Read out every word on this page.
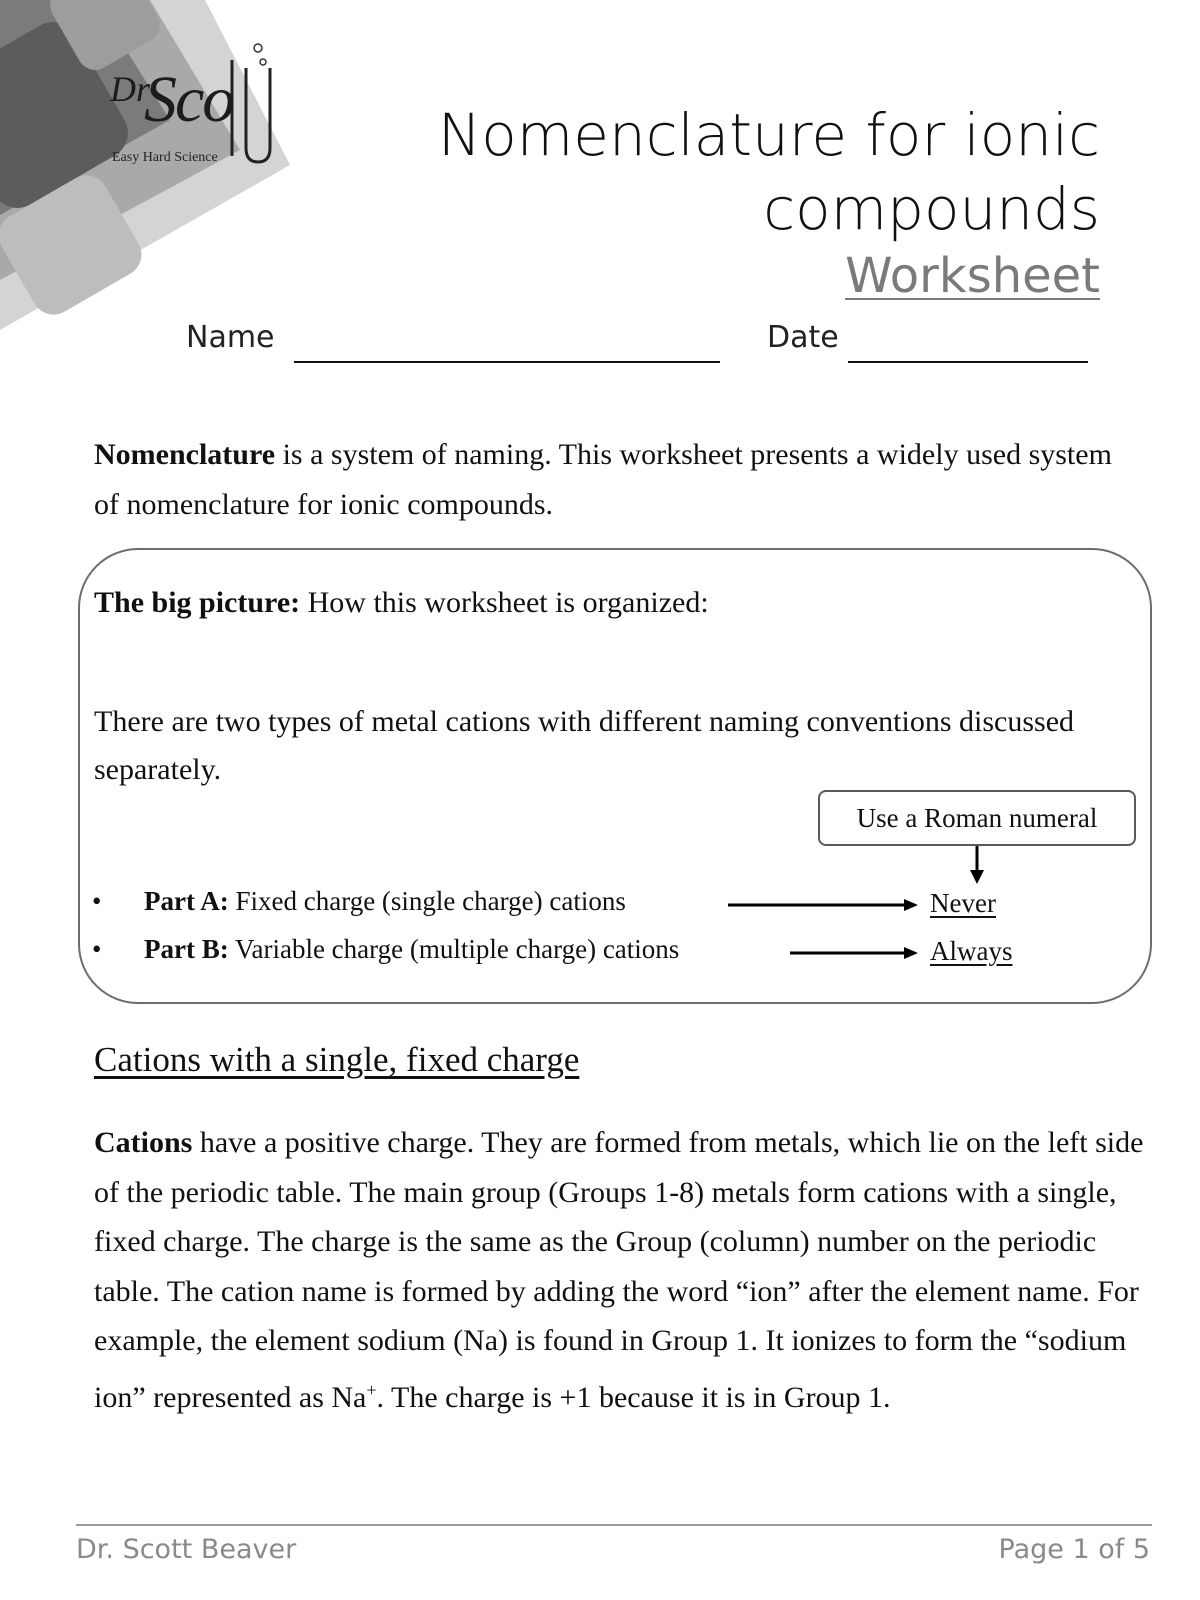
Dr
Sco
Easy Hard Science	Nomenclature for ionic compounds
Worksheet
Name	Date
Nomenclature is a system of naming. This worksheet presents a widely used system of nomenclature for ionic compounds.
The big picture: How this worksheet is organized:
There are two types of metal cations with different naming conventions discussed separately.
Use a Roman numeral
• Part A: Fixed charge (single charge) cations	Never
• Part B: Variable charge (multiple charge) cations	Always
Cations with a single, fixed charge
Cations have a positive charge. They are formed from metals, which lie on the left side of the periodic table. The main group (Groups 1-8) metals form cations with a single, fixed charge. The charge is the same as the Group (column) number on the periodic table. The cation name is formed by adding the word “ion” after the element name. For example, the element sodium (Na) is found in Group 1. It ionizes to form the “sodium ion” represented as Na+. The charge is +1 because it is in Group 1.
Dr. Scott Beaver	Page 1 of 5
